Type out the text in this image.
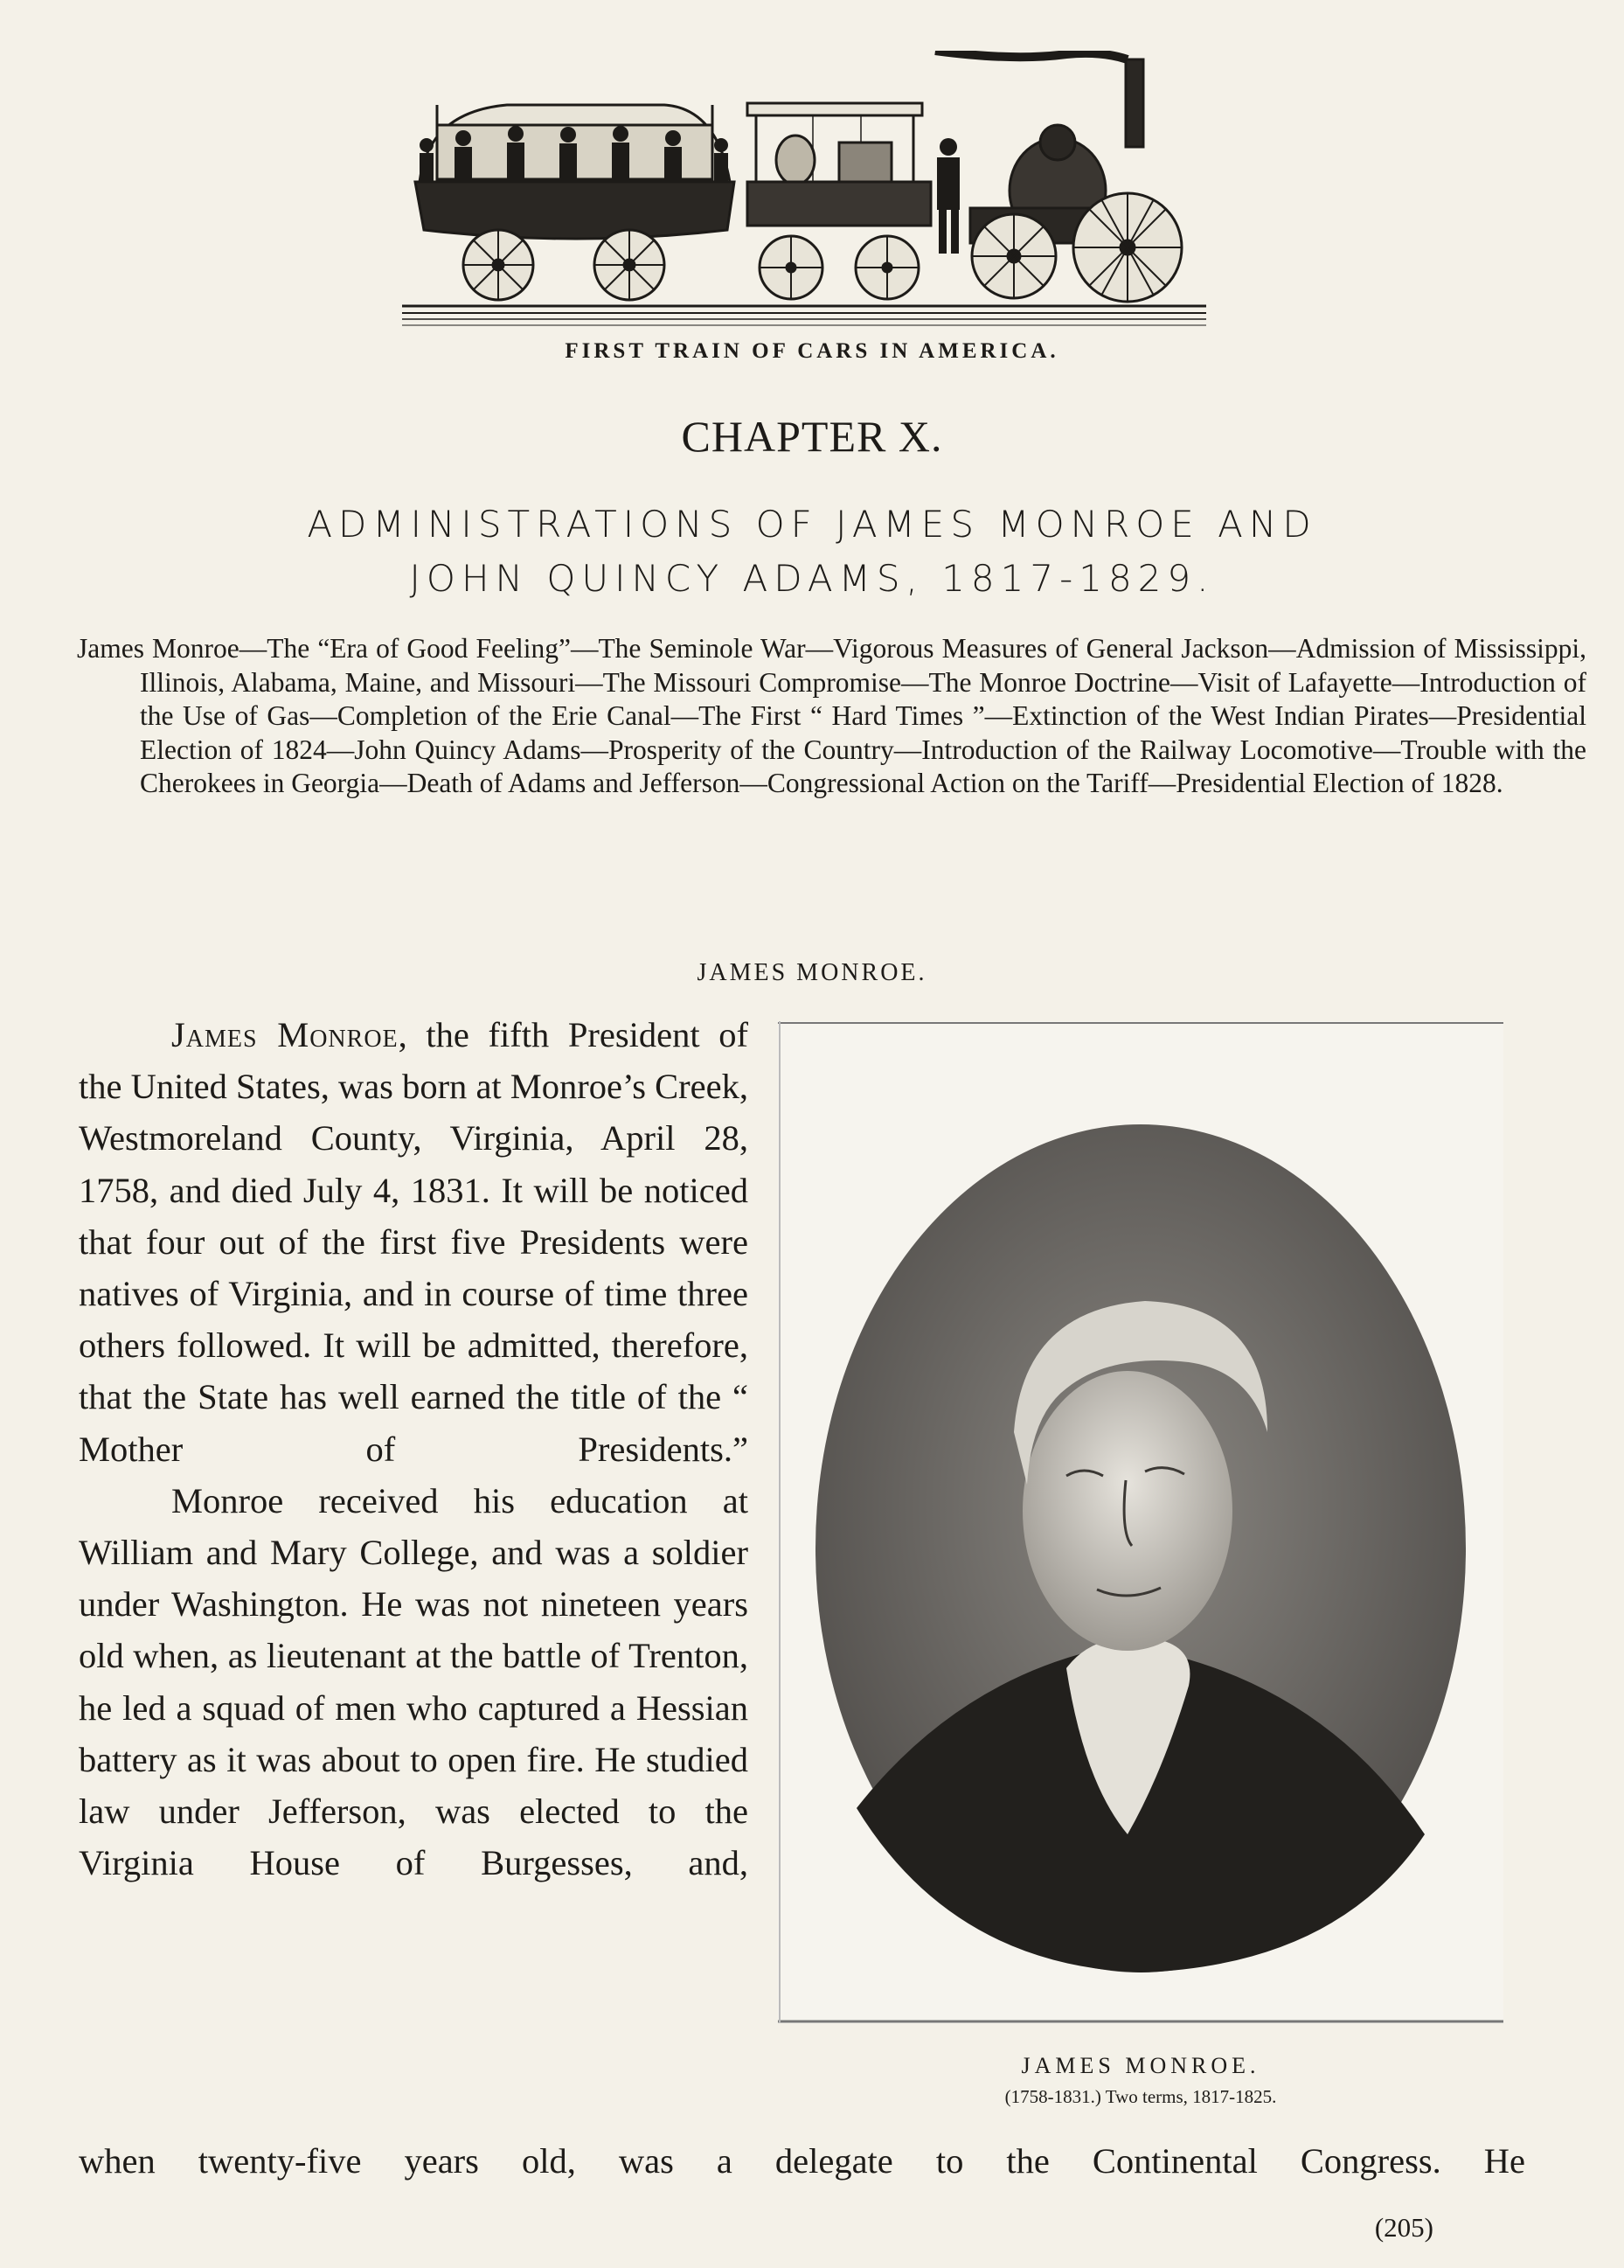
FIRST TRAIN OF CARS IN AMERICA.
CHAPTER X.
ADMINISTRATIONS OF JAMES MONROE AND
JOHN QUINCY ADAMS, 1817-1829.
James Monroe—The “Era of Good Feeling”—The Seminole War—Vigorous Measures of General Jackson—Admission of Mississippi, Illinois, Alabama, Maine, and Missouri—The Missouri Compromise—The Monroe Doctrine—Visit of Lafayette—Introduction of the Use of Gas—Completion of the Erie Canal—The First “ Hard Times ”—Extinction of the West Indian Pirates—Presidential Election of 1824—John Quincy Adams—Prosperity of the Country—Introduction of the Railway Locomotive—Trouble with the Cherokees in Georgia—Death of Adams and Jefferson—Congressional Action on the Tariff—Presidential Election of 1828.
JAMES MONROE.

James Monroe, the fifth President of the United States, was born at Monroe’s Creek, Westmoreland County, Virginia, April 28, 1758, and died July 4, 1831. It will be noticed that four out of the first five Presidents were natives of Virginia, and in course of time three others followed. It will be admitted, therefore, that the State has well earned the title of the “ Mother of Presidents.”

Monroe received his education at William and Mary College, and was a soldier under Washington. He was not nineteen years old when, as lieutenant at the battle of Trenton, he led a squad of men who captured a Hessian battery as it was about to open fire. He studied law under Jefferson, was elected to the Virginia House of Burgesses, and,

when twenty-five years old, was a delegate to the Continental Congress. He
JAMES MONROE.
(1758-1831.) Two terms, 1817-1825.
(205)
